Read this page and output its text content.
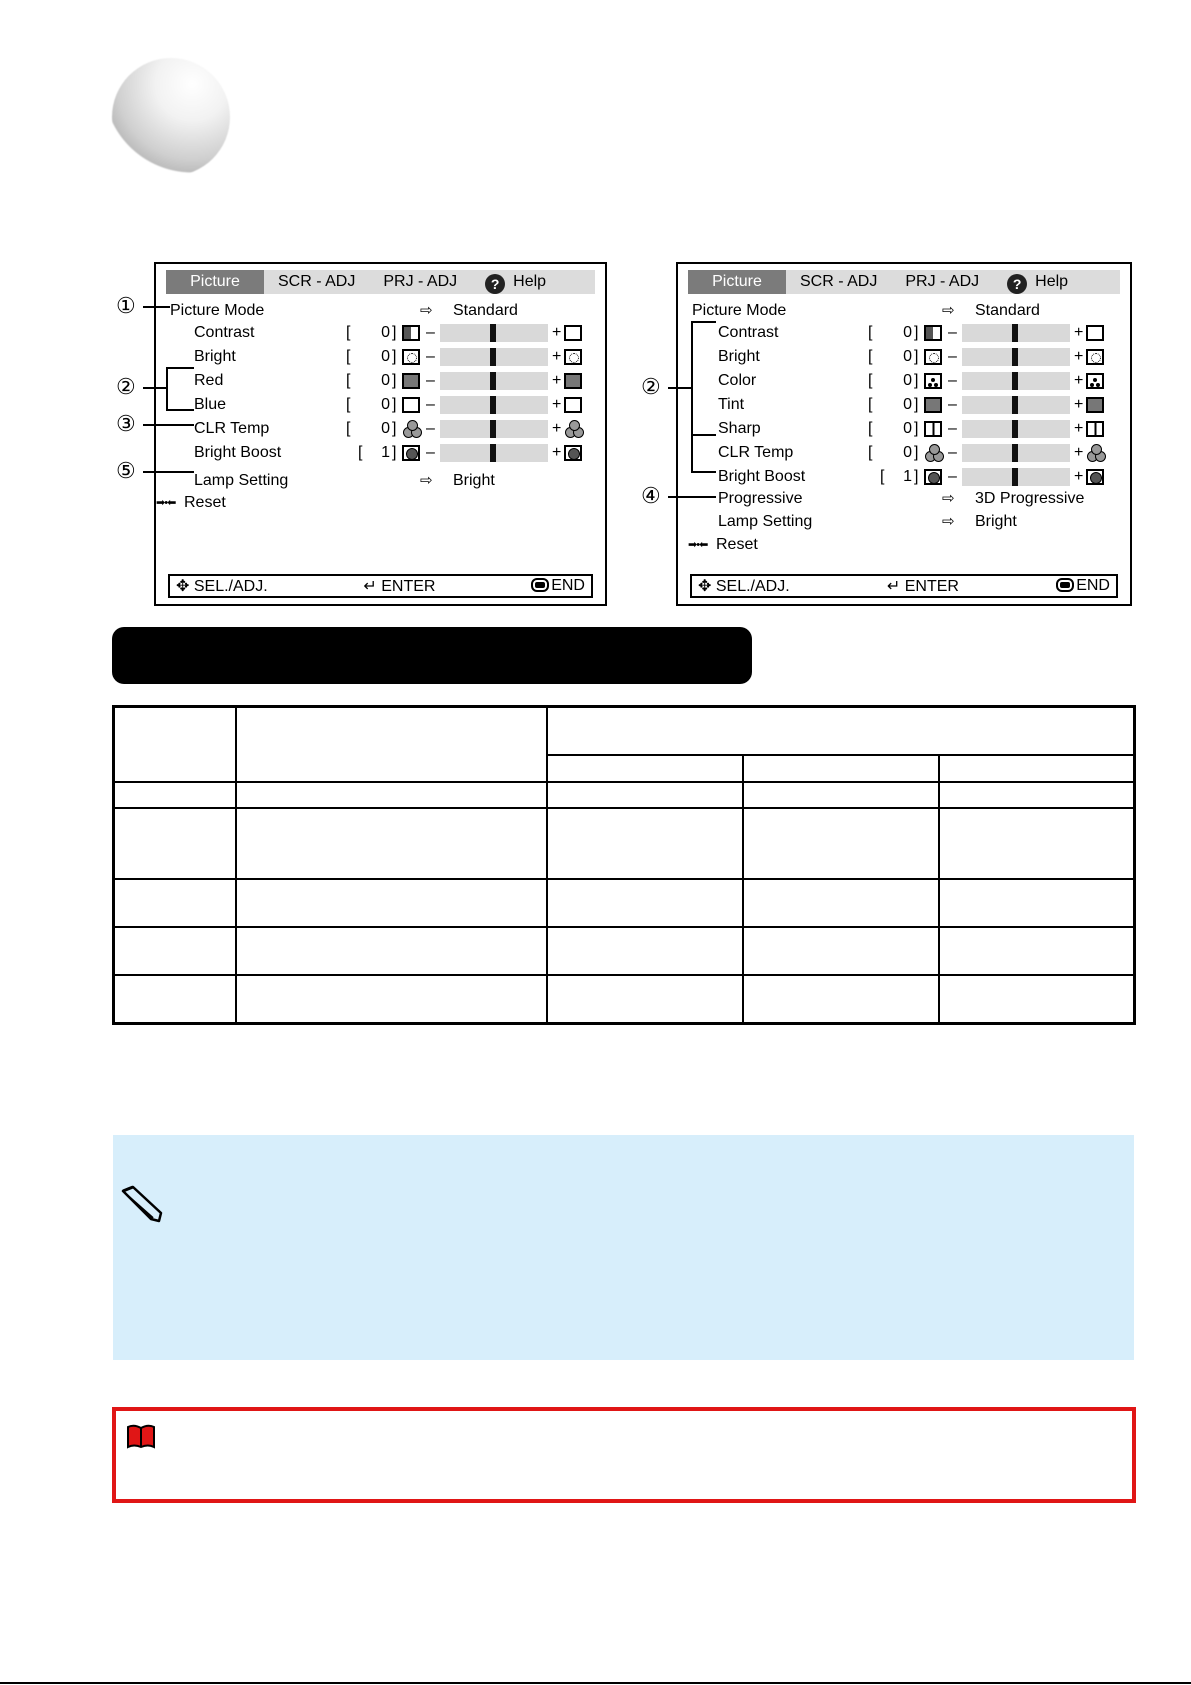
Picture	SCR - ADJ	PRJ - ADJ	? Help
Picture Mode	⇨ Standard
Contrast	[	0 ] –	+
Bright	[	0 ] –	+
Red	[	0 ] –	+
Blue	[	0 ] –	+
CLR Temp	[	0 ] –	+
Bright Boost	[	1 ] –	+
Lamp Setting	⇨ Bright
➡•⬅ Reset
✥ SEL./ADJ.	↵ ENTER	END
Picture	SCR - ADJ	PRJ - ADJ	? Help
Picture Mode	⇨ Standard
Contrast	[	0 ] –	+
Bright	[	0 ] –	+
Color	[	0 ] –	+
Tint	[	0 ] –	+
Sharp	[	0 ] –	+
CLR Temp	[	0 ] –	+
Bright Boost	[	1 ] –	+
Progressive	⇨ 3D Progressive
Lamp Setting	⇨ Bright
➡•⬅ Reset
✥ SEL./ADJ.	↵ ENTER	END
①
②
③
⑤
②
④
